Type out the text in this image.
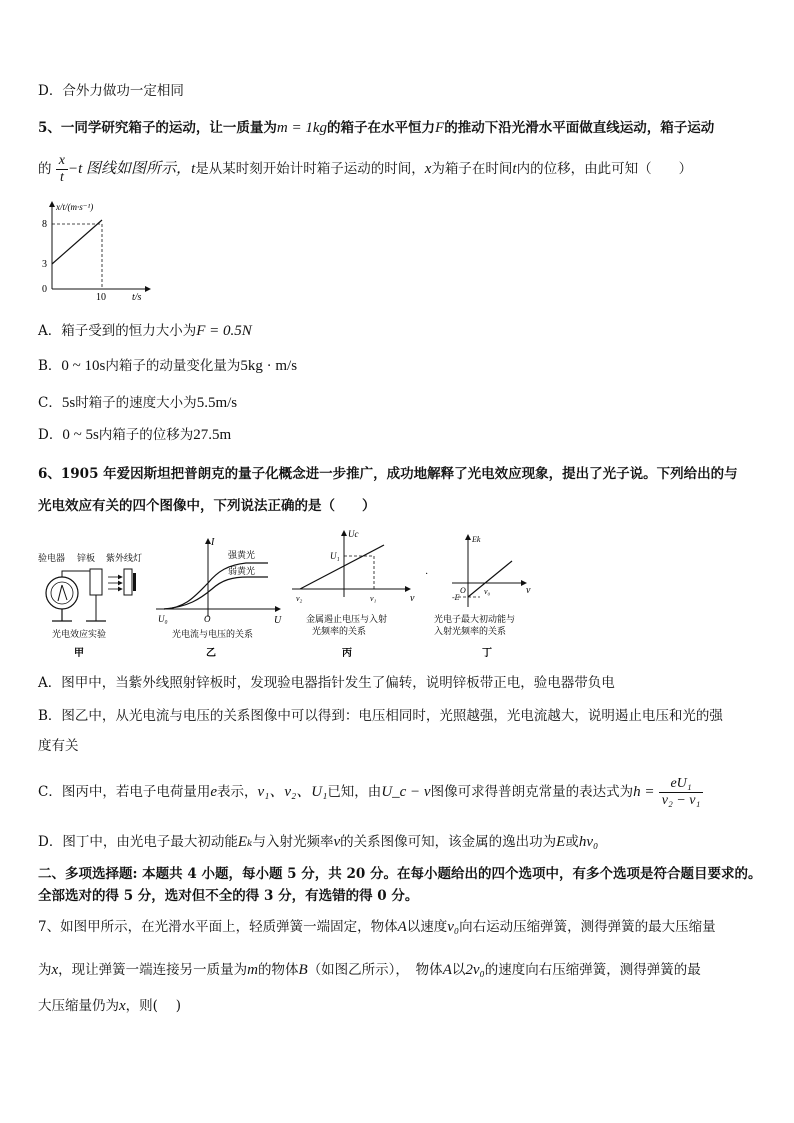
D．合外力做功一定相同
5、一同学研究箱子的运动，让一质量为m = 1kg的箱子在水平恒力F的推动下沿光滑水平面做直线运动，箱子运动
的 $\frac{x}{t} -t$ 图线如图所示，t是从某时刻开始计时箱子运动的时间，x为箱子在时间t内的位移，由此可知（　　）
x/t/(m·s⁻¹)
8
3
0
10	t/s
A．箱子受到的恒力大小为F = 0.5N
B．0 ~ 10s内箱子的动量变化量为5kg · m/s
C．5s时箱子的速度大小为5.5m/s
D．0 ~ 5s内箱子的位移为27.5m
6、1905 年爱因斯坦把普朗克的量子化概念进一步推广，成功地解释了光电效应现象，提出了光子说。下列给出的与
光电效应有关的四个图像中，下列说法正确的是（　　）
验电器 锌板 紫外线灯
光电效应实验
甲
I
U
U₀	O
强黄光
弱黄光
光电流与电压的关系
乙
Uc
U₁
ν₂	ν₁	ν
金属遏止电压与入射
光频率的关系
丙
·
Ek
-E
ν₀
O	ν
光电子最大初动能与
入射光频率的关系
丁
A．图甲中，当紫外线照射锌板时，发现验电器指针发生了偏转，说明锌板带正电，验电器带负电
B．图乙中，从光电流与电压的关系图像中可以得到：电压相同时，光照越强，光电流越大，说明遏止电压和光的强
度有关
C．图丙中，若电子电荷量用e表示，ν₁、ν₂、U₁已知，由U_c − ν图像可求得普朗克常量的表达式为$h = \frac{\text{eU₁}}{\text{ν₂ − ν₁}}$
D．图丁中，由光电子最大初动能Eₖ与入射光频率ν的关系图像可知，该金属的逸出功为E或hν₀
二、多项选择题: 本题共 4 小题，每小题 5 分，共 20 分。在每小题给出的四个选项中，有多个选项是符合题目要求的。
全部选对的得 5 分，选对但不全的得 3 分，有选错的得 0 分。
7、如图甲所示，在光滑水平面上，轻质弹簧一端固定，物体A以速度v₀向右运动压缩弹簧，测得弹簧的最大压缩量
为x，现让弹簧一端连接另一质量为m的物体B（如图乙所示），　物体A以2v₀的速度向右压缩弹簧，测得弹簧的最
大压缩量仍为x，则(　 )
